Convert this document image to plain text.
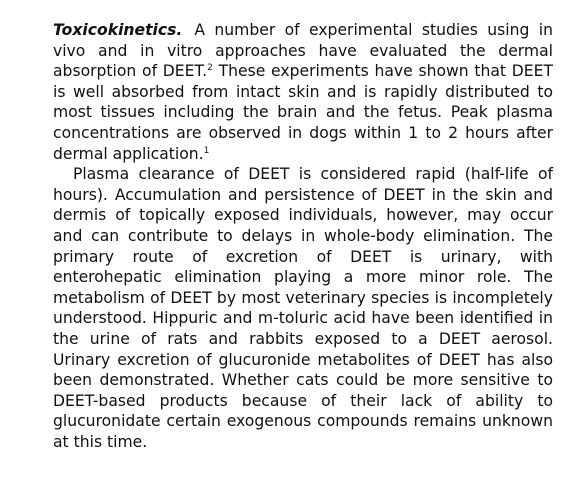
Toxicokinetics. A number of experimental studies using in vivo and in vitro approaches have evaluated the dermal absorption of DEET.$^2$ These experiments have shown that DEET is well absorbed from intact skin and is rapidly distributed to most tissues including the brain and the fetus. Peak plasma concentrations are observed in dogs within 1 to 2 hours after dermal application.$^1$

Plasma clearance of DEET is considered rapid (half-life of hours). Accumulation and persistence of DEET in the skin and dermis of topically exposed individuals, however, may occur and can contribute to delays in whole-body elimination. The primary route of excretion of DEET is urinary, with enterohepatic elimination playing a more minor role. The metabolism of DEET by most veterinary species is incompletely understood. Hippuric and m-toluric acid have been identified in the urine of rats and rabbits exposed to a DEET aerosol. Urinary excretion of glucuronide metabolites of DEET has also been demonstrated. Whether cats could be more sensitive to DEET-based products because of their lack of ability to glucuronidate certain exogenous compounds remains unknown at this time.
